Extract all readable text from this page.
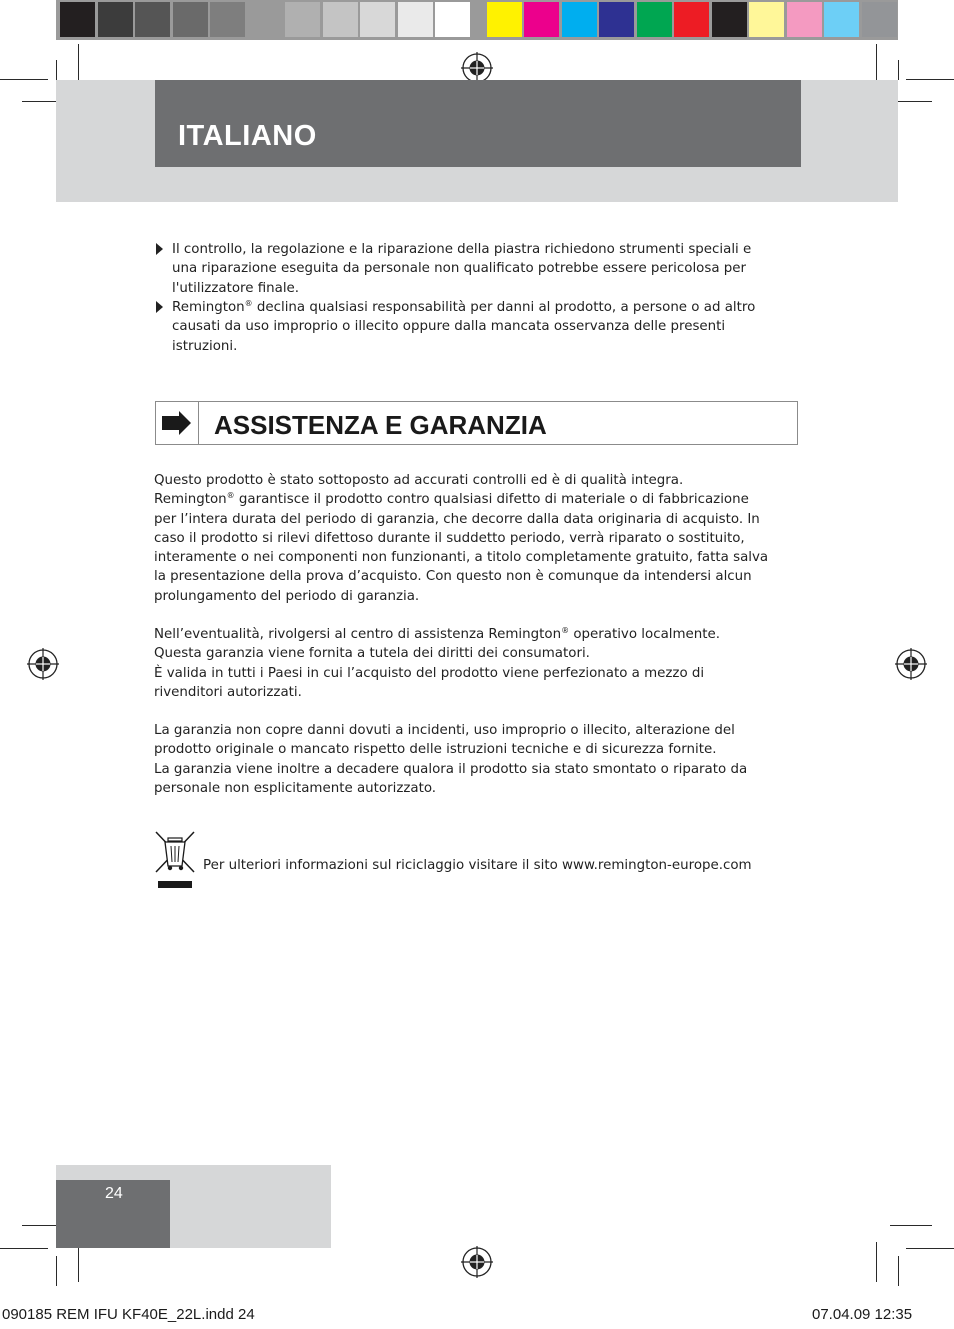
ITALIANO
Il controllo, la regolazione e la riparazione della piastra richiedono strumenti speciali e
una riparazione eseguita da personale non qualificato potrebbe essere pericolosa per
l'utilizzatore finale.
Remington® declina qualsiasi responsabilità per danni al prodotto, a persone o ad altro
causati da uso improprio o illecito oppure dalla mancata osservanza delle presenti
istruzioni.
ASSISTENZA E GARANZIA
Questo prodotto è stato sottoposto ad accurati controlli ed è di qualità integra.
Remington® garantisce il prodotto contro qualsiasi difetto di materiale o di fabbricazione
per l’intera durata del periodo di garanzia, che decorre dalla data originaria di acquisto. In
caso il prodotto si rilevi difettoso durante il suddetto periodo, verrà riparato o sostituito,
interamente o nei componenti non funzionanti, a titolo completamente gratuito, fatta salva
la presentazione della prova d’acquisto. Con questo non è comunque da intendersi alcun
prolungamento del periodo di garanzia.
Nell’eventualità, rivolgersi al centro di assistenza Remington® operativo localmente.
Questa garanzia viene fornita a tutela dei diritti dei consumatori.
È valida in tutti i Paesi in cui l’acquisto del prodotto viene perfezionato a mezzo di
rivenditori autorizzati.
La garanzia non copre danni dovuti a incidenti, uso improprio o illecito, alterazione del
prodotto originale o mancato rispetto delle istruzioni tecniche e di sicurezza fornite.
La garanzia viene inoltre a decadere qualora il prodotto sia stato smontato o riparato da
personale non esplicitamente autorizzato.
Per ulteriori informazioni sul riciclaggio visitare il sito www.remington-europe.com
24
090185 REM IFU KF40E_22L.indd 24	07.04.09 12:35
